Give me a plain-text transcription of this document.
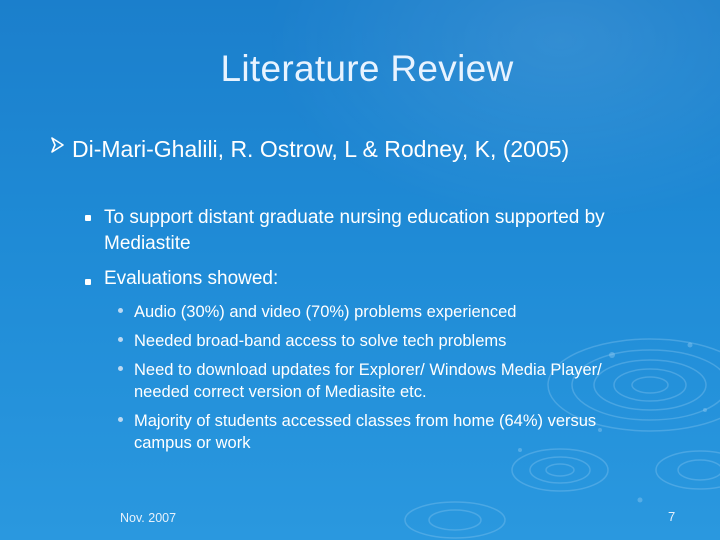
Literature Review
Di-Mari-Ghalili, R. Ostrow, L & Rodney, K, (2005)
To support distant graduate nursing education supported by Mediastite
Evaluations showed:
Audio (30%) and video (70%) problems experienced
Needed broad-band access to solve tech problems
Need to download updates for Explorer/ Windows Media Player/ needed correct version of Mediasite etc.
Majority of students accessed classes from home (64%) versus campus or work
Nov. 2007	7
